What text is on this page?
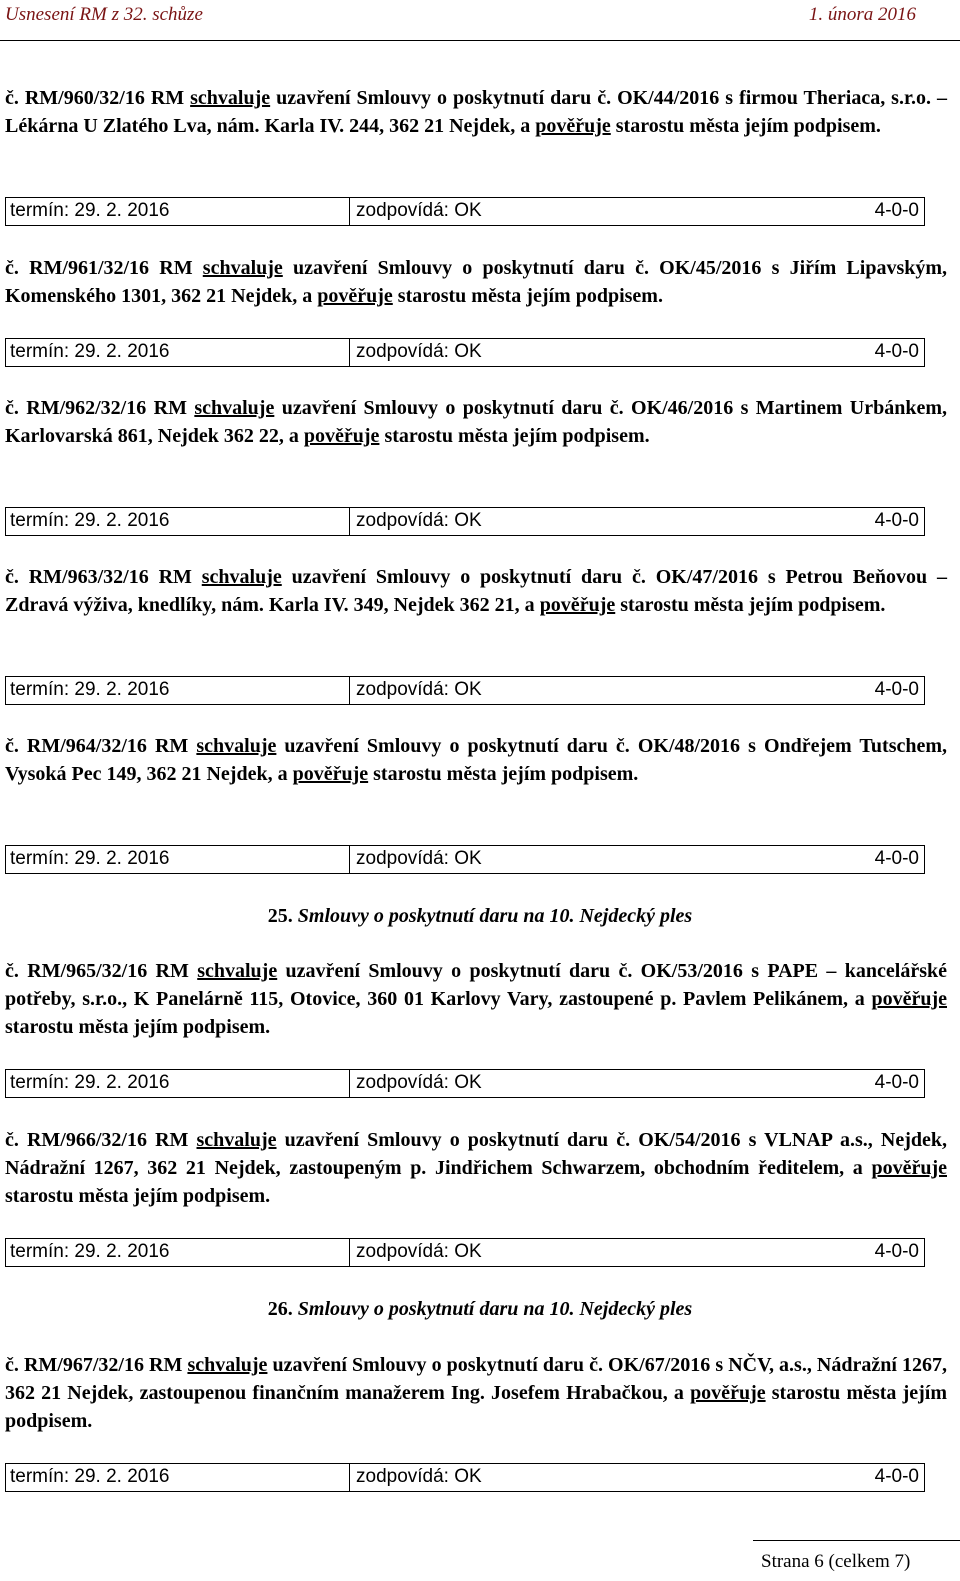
Usnesení RM z 32. schůze	1. února 2016
č. RM/960/32/16 RM schvaluje uzavření Smlouvy o poskytnutí daru č. OK/44/2016 s firmou Theriaca, s.r.o. – Lékárna U Zlatého Lva, nám. Karla IV. 244, 362 21 Nejdek, a pověřuje starostu města jejím podpisem.
termín: 29. 2. 2016	zodpovídá: OK	4-0-0
č. RM/961/32/16 RM schvaluje uzavření Smlouvy o poskytnutí daru č. OK/45/2016 s Jiřím Lipavským, Komenského 1301, 362 21 Nejdek, a pověřuje starostu města jejím podpisem.
termín: 29. 2. 2016	zodpovídá: OK	4-0-0
č. RM/962/32/16 RM schvaluje uzavření Smlouvy o poskytnutí daru č. OK/46/2016 s Martinem Urbánkem, Karlovarská 861, Nejdek 362 22, a pověřuje starostu města jejím podpisem.
termín: 29. 2. 2016	zodpovídá: OK	4-0-0
č. RM/963/32/16 RM schvaluje uzavření Smlouvy o poskytnutí daru č. OK/47/2016 s Petrou Beňovou – Zdravá výživa, knedlíky, nám. Karla IV. 349, Nejdek 362 21, a pověřuje starostu města jejím podpisem.
termín: 29. 2. 2016	zodpovídá: OK	4-0-0
č. RM/964/32/16 RM schvaluje uzavření Smlouvy o poskytnutí daru č. OK/48/2016 s Ondřejem Tutschem, Vysoká Pec 149, 362 21 Nejdek, a pověřuje starostu města jejím podpisem.
termín: 29. 2. 2016	zodpovídá: OK	4-0-0
25. Smlouvy o poskytnutí daru na 10. Nejdecký ples
č. RM/965/32/16 RM schvaluje uzavření Smlouvy o poskytnutí daru č. OK/53/2016 s PAPE – kancelářské potřeby, s.r.o., K Panelárně 115, Otovice, 360 01 Karlovy Vary, zastoupené p. Pavlem Pelikánem, a pověřuje starostu města jejím podpisem.
termín: 29. 2. 2016	zodpovídá: OK	4-0-0
č. RM/966/32/16 RM schvaluje uzavření Smlouvy o poskytnutí daru č. OK/54/2016 s VLNAP a.s., Nejdek, Nádražní 1267, 362 21 Nejdek, zastoupeným p. Jindřichem Schwarzem, obchodním ředitelem, a pověřuje starostu města jejím podpisem.
termín: 29. 2. 2016	zodpovídá: OK	4-0-0
26. Smlouvy o poskytnutí daru na 10. Nejdecký ples
č. RM/967/32/16 RM schvaluje uzavření Smlouvy o poskytnutí daru č. OK/67/2016 s NČV, a.s., Nádražní 1267, 362 21 Nejdek, zastoupenou finančním manažerem Ing. Josefem Hrabačkou, a pověřuje starostu města jejím podpisem.
termín: 29. 2. 2016	zodpovídá: OK	4-0-0
Strana 6 (celkem 7)
